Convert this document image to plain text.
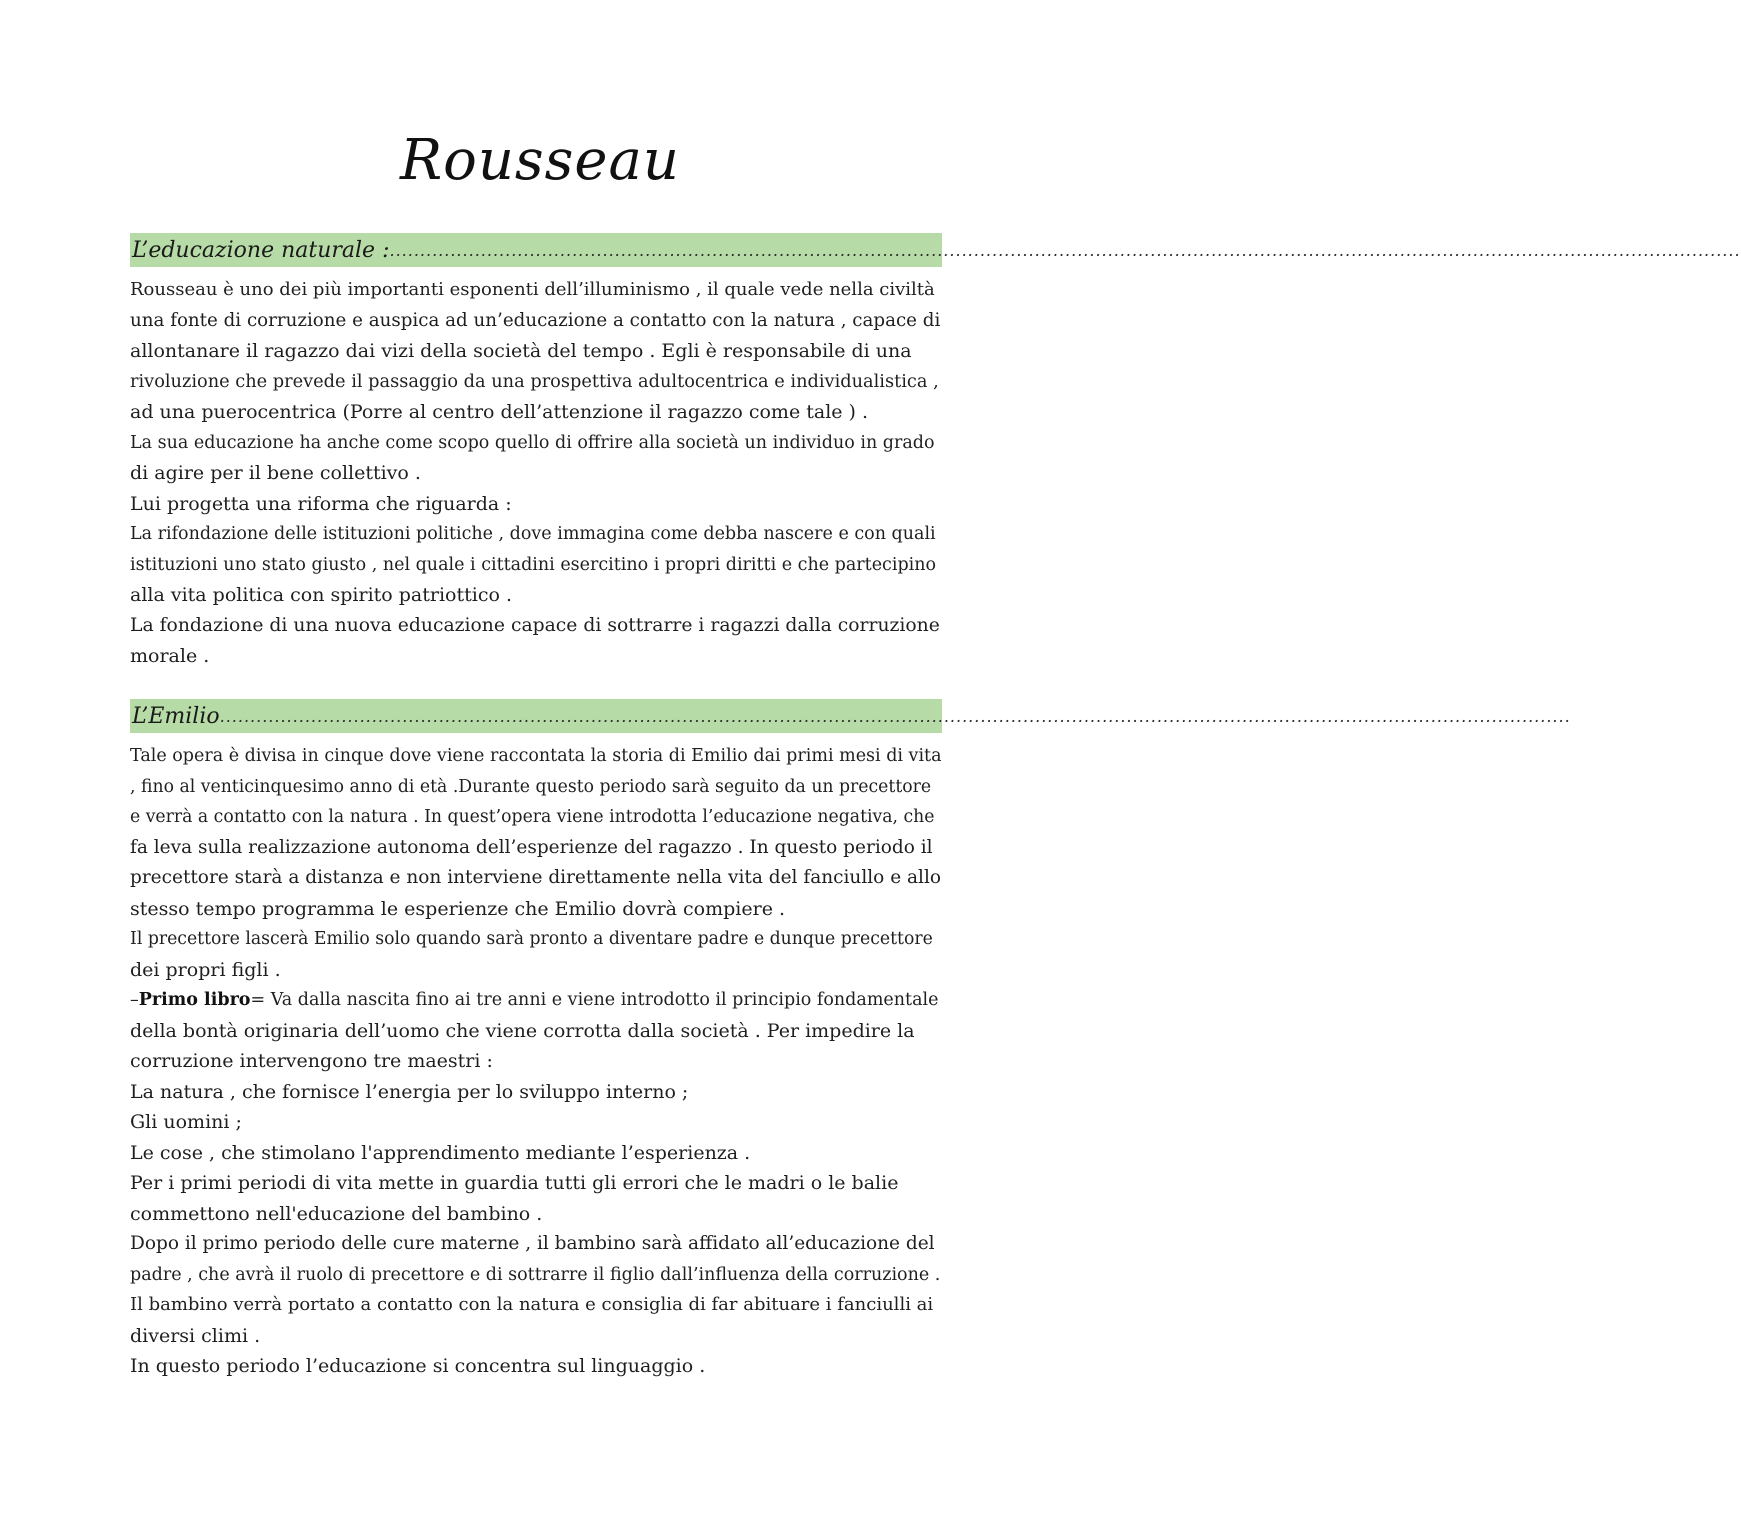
Rousseau
L’educazione naturale : ..............................................................................................................................................................................................................................
Rousseau è uno dei più importanti esponenti dell’illuminismo , il quale vede nella civiltà
una fonte di corruzione e auspica ad un’educazione a contatto con la natura , capace di
allontanare il ragazzo dai vizi della società del tempo . Egli è responsabile di una
rivoluzione che prevede il passaggio da una prospettiva adultocentrica e individualistica ,
ad una puerocentrica (Porre al centro dell’attenzione il ragazzo come tale ) .
La sua educazione ha anche come scopo quello di offrire alla società un individuo in grado
di agire per il bene collettivo .
Lui progetta una riforma che riguarda :
La rifondazione delle istituzioni politiche , dove immagina come debba nascere e con quali
istituzioni uno stato giusto , nel quale i cittadini esercitino i propri diritti e che partecipino
alla vita politica con spirito patriottico .
La fondazione di una nuova educazione capace di sottrarre i ragazzi dalla corruzione
morale .
L’Emilio ..............................................................................................................................................................................................................................
Tale opera è divisa in cinque dove viene raccontata la storia di Emilio dai primi mesi di vita
, fino al venticinquesimo anno di età .Durante questo periodo sarà seguito da un precettore
e verrà a contatto con la natura . In quest’opera viene introdotta l’educazione negativa, che
fa leva sulla realizzazione autonoma dell’esperienze del ragazzo . In questo periodo il
precettore starà a distanza e non interviene direttamente nella vita del fanciullo e allo
stesso tempo programma le esperienze che Emilio dovrà compiere .
Il precettore lascerà Emilio solo quando sarà pronto a diventare padre e dunque precettore
dei propri figli .
–Primo libro= Va dalla nascita fino ai tre anni e viene introdotto il principio fondamentale
della bontà originaria dell’uomo che viene corrotta dalla società . Per impedire la
corruzione intervengono tre maestri :
La natura , che fornisce l’energia per lo sviluppo interno ;
Gli uomini ;
Le cose , che stimolano l'apprendimento mediante l’esperienza .
Per i primi periodi di vita mette in guardia tutti gli errori che le madri o le balie
commettono nell'educazione del bambino .
Dopo il primo periodo delle cure materne , il bambino sarà affidato all’educazione del
padre , che avrà il ruolo di precettore e di sottrarre il figlio dall’influenza della corruzione .
Il bambino verrà portato a contatto con la natura e consiglia di far abituare i fanciulli ai
diversi climi .
In questo periodo l’educazione si concentra sul linguaggio .
